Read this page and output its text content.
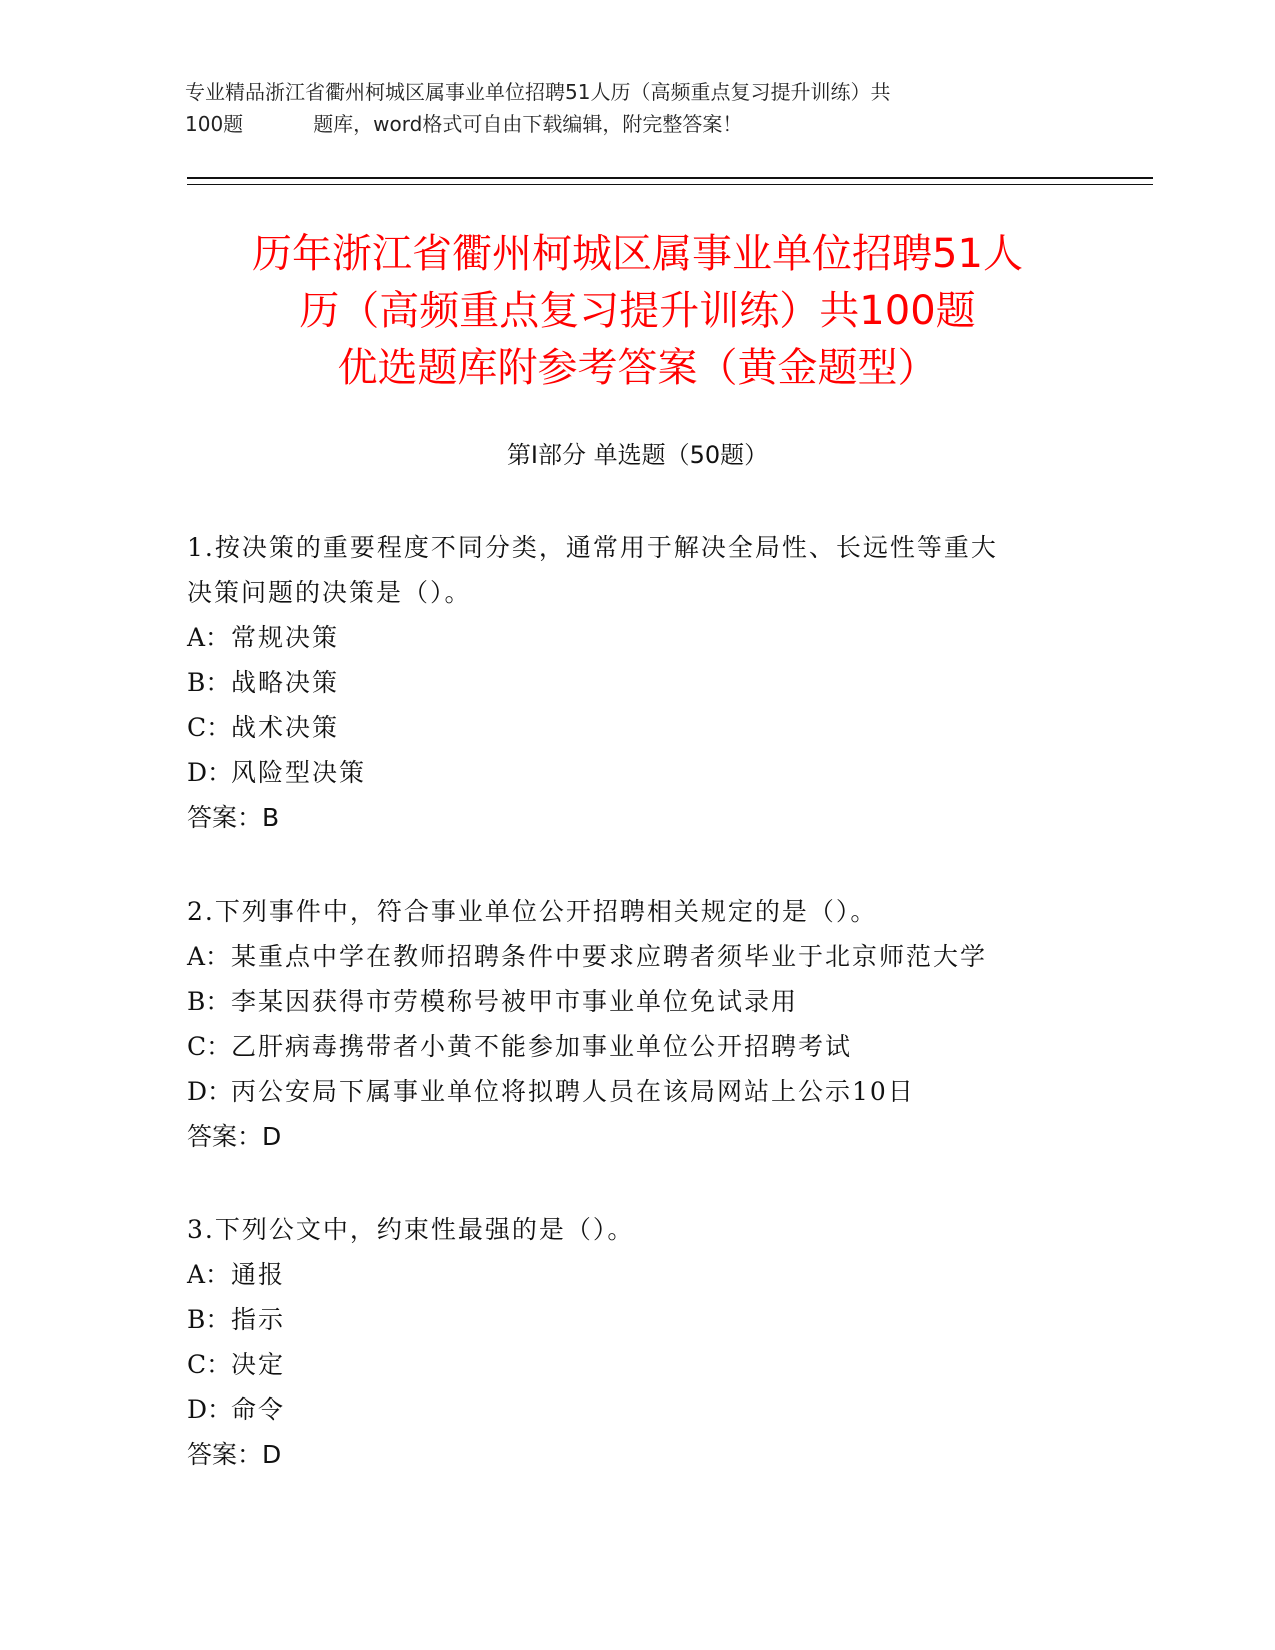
专业精品浙江省衢州柯城区属事业单位招聘51人历（高频重点复习提升训练）共
100题	题库，word格式可自由下载编辑，附完整答案！
历年浙江省衢州柯城区属事业单位招聘51人
历（高频重点复习提升训练）共100题
优选题库附参考答案（黄金题型）
第Ⅰ部分 单选题（50题）

1.按决策的重要程度不同分类，通常用于解决全局性、长远性等重大

决策问题的决策是（）。

A：常规决策

B：战略决策

C：战术决策

D：风险型决策

答案：B

2.下列事件中，符合事业单位公开招聘相关规定的是（）。

A：某重点中学在教师招聘条件中要求应聘者须毕业于北京师范大学

B：李某因获得市劳模称号被甲市事业单位免试录用

C：乙肝病毒携带者小黄不能参加事业单位公开招聘考试

D：丙公安局下属事业单位将拟聘人员在该局网站上公示10日

答案：D

3.下列公文中，约束性最强的是（）。

A：通报

B：指示

C：决定

D：命令

答案：D
